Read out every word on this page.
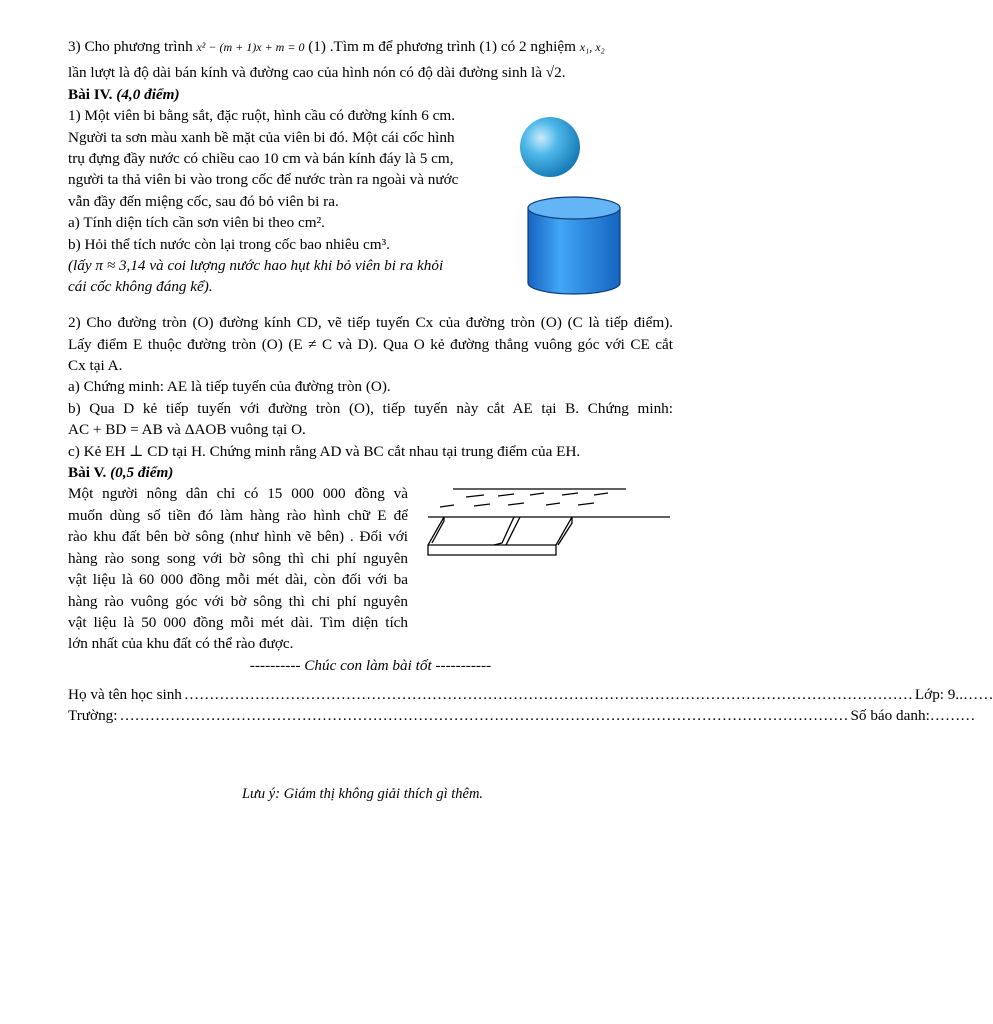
3) Cho phương trình x² − (m + 1)x + m = 0 (1) .Tìm m để phương trình (1) có 2 nghiệm x₁, x₂

lần lượt là độ dài bán kính và đường cao của hình nón có độ dài đường sinh là √2.

Bài IV. (4,0 điểm)

1) Một viên bi bằng sắt, đặc ruột, hình cầu có đường kính 6 cm.

Người ta sơn màu xanh bề mặt của viên bi đó. Một cái cốc hình

trụ đựng đầy nước có chiều cao 10 cm và bán kính đáy là 5 cm,

người ta thả viên bi vào trong cốc để nước tràn ra ngoài và nước

vẫn đầy đến miệng cốc, sau đó bỏ viên bi ra.

a) Tính diện tích cần sơn viên bi theo cm².

b) Hỏi thể tích nước còn lại trong cốc bao nhiêu cm³.

(lấy π ≈ 3,14 và coi lượng nước hao hụt khi bỏ viên bi ra khỏi

cái cốc không đáng kể).

2) Cho đường tròn (O) đường kính CD, vẽ tiếp tuyến Cx của đường tròn (O) (C là tiếp điểm).

Lấy điểm E thuộc đường tròn (O) (E ≠ C và D). Qua O kẻ đường thẳng vuông góc với CE cắt

Cx tại A.

a) Chứng minh: AE là tiếp tuyến của đường tròn (O).

b) Qua D kẻ tiếp tuyến với đường tròn (O), tiếp tuyến này cắt AE tại B. Chứng minh:

AC + BD = AB và ΔAOB vuông tại O.

c) Kẻ EH ⊥ CD tại H. Chứng minh rằng AD và BC cắt nhau tại trung điểm của EH.

Bài V. (0,5 điểm)

Một người nông dân chỉ có 15 000 000 đồng và

muốn dùng số tiền đó làm hàng rào hình chữ E để

rào khu đất bên bờ sông (như hình vẽ bên) . Đối với

hàng rào song song với bờ sông thì chi phí nguyên

vật liệu là 60 000 đồng mỗi mét dài, còn đối với ba

hàng rào vuông góc với bờ sông thì chi phí nguyên

vật liệu là 50 000 đồng mỗi mét dài. Tìm diện tích

lớn nhất của khu đất có thể rào được.

---------- Chúc con làm bài tốt -----------

Họ và tên học sinh ……………………………………………………………………………………………………………………………… Lớp: 9 ..……
Trường: ……………………………………………………………………………………………………………………………… Số báo danh: ………
Lưu ý: Giám thị không giải thích gì thêm.
